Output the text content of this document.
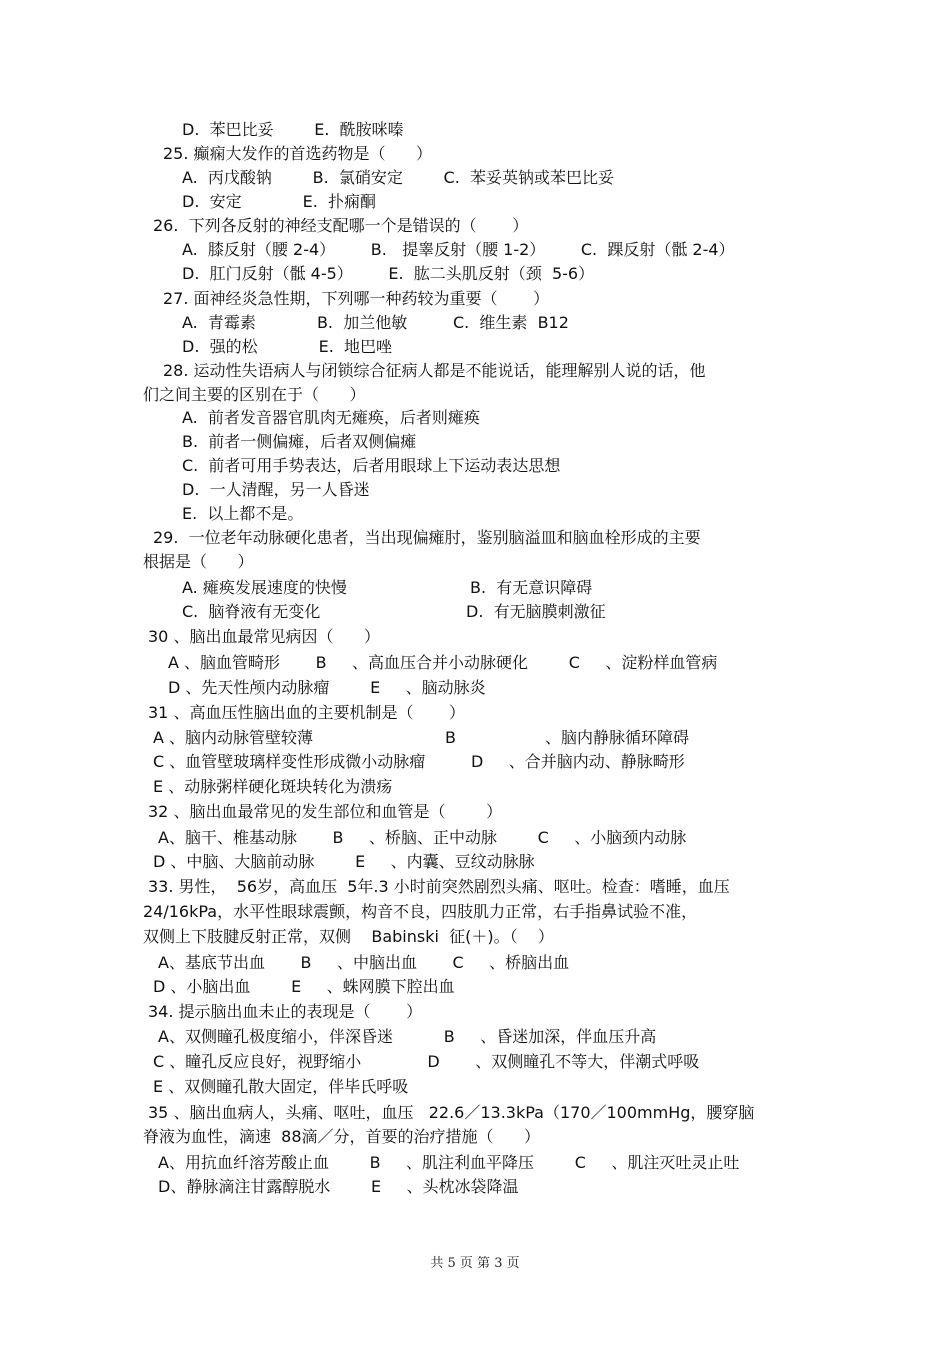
D.  苯巴比妥        E.  酰胺咪嗪
25. 癫痫大发作的首选药物是（      ）
A.  丙戊酸钠        B.  氯硝安定        C.  苯妥英钠或苯巴比妥
D.  安定            E.  扑痫酮
26.  下列各反射的神经支配哪一个是错误的（       ）
A.  膝反射（腰 2-4）       B.   提睾反射（腰 1-2）       C.  踝反射（骶 2-4）
D.  肛门反射（骶 4-5）       E.  肱二头肌反射（颈  5-6）
27. 面神经炎急性期，下列哪一种药较为重要（       ）
A.  青霉素            B.  加兰他敏         C.  维生素  B12
D.  强的松            E.  地巴唑
28. 运动性失语病人与闭锁综合征病人都是不能说话，能理解别人说的话，他
们之间主要的区别在于（      ）
A.  前者发音器官肌肉无瘫痪，后者则瘫痪
B.  前者一侧偏瘫，后者双侧偏瘫
C.  前者可用手势表达，后者用眼球上下运动表达思想
D.  一人清醒，另一人昏迷
E.  以上都不是。
29.  一位老年动脉硬化患者，当出现偏瘫肘，鉴别脑溢皿和脑血栓形成的主要
根据是（      ）
A. 瘫痪发展速度的快慢	B.  有无意识障碍
C.  脑脊液有无变化	D.  有无脑膜刺激征
30 、脑出血最常见病因（      ）
A 、脑血管畸形       B     、高血压合并小动脉硬化        C     、淀粉样血管病
D 、先天性颅内动脉瘤        E     、脑动脉炎
31 、高血压性脑出血的主要机制是（       ）
A 、脑内动脉管壁较薄	B	、脑内静脉循环障碍
C 、血管壁玻璃样变性形成微小动脉瘤         D     、合并脑内动、静脉畸形
E 、动脉粥样硬化斑块转化为溃疡
32 、脑出血最常见的发生部位和血管是（        ）
A、脑干、椎基动脉       B     、桥脑、正中动脉        C     、小脑颈内动脉
D 、中脑、大脑前动脉        E     、内囊、豆纹动脉脉
33. 男性，  56岁，高血压  5年.3 小时前突然剧烈头痛、呕吐。检查：嗜睡，血压
24/16kPa，水平性眼球震颤，构音不良，四肢肌力正常，右手指鼻试验不准，
双侧上下肢腱反射正常，双侧    Babinski  征(＋)。（    ）
A、基底节出血       B     、中脑出血       C     、桥脑出血
D 、小脑出血        E     、蛛网膜下腔出血
34. 提示脑出血未止的表现是（       ）
A、双侧瞳孔极度缩小，伴深昏迷          B     、昏迷加深，伴血压升高
C 、瞳孔反应良好，视野缩小             D       、双侧瞳孔不等大，伴潮式呼吸
E 、双侧瞳孔散大固定，伴毕氏呼吸
35 、脑出血病人，头痛、呕吐，血压   22.6／13.3kPa（170／100mmHg，腰穿脑
脊液为血性，滴速  88滴／分，首要的治疗措施（      ）
A、用抗血纤溶芳酸止血        B     、肌注利血平降压        C     、肌注灭吐灵止吐
D、静脉滴注甘露醇脱水        E     、头枕冰袋降温
共 5 页 第 3 页
